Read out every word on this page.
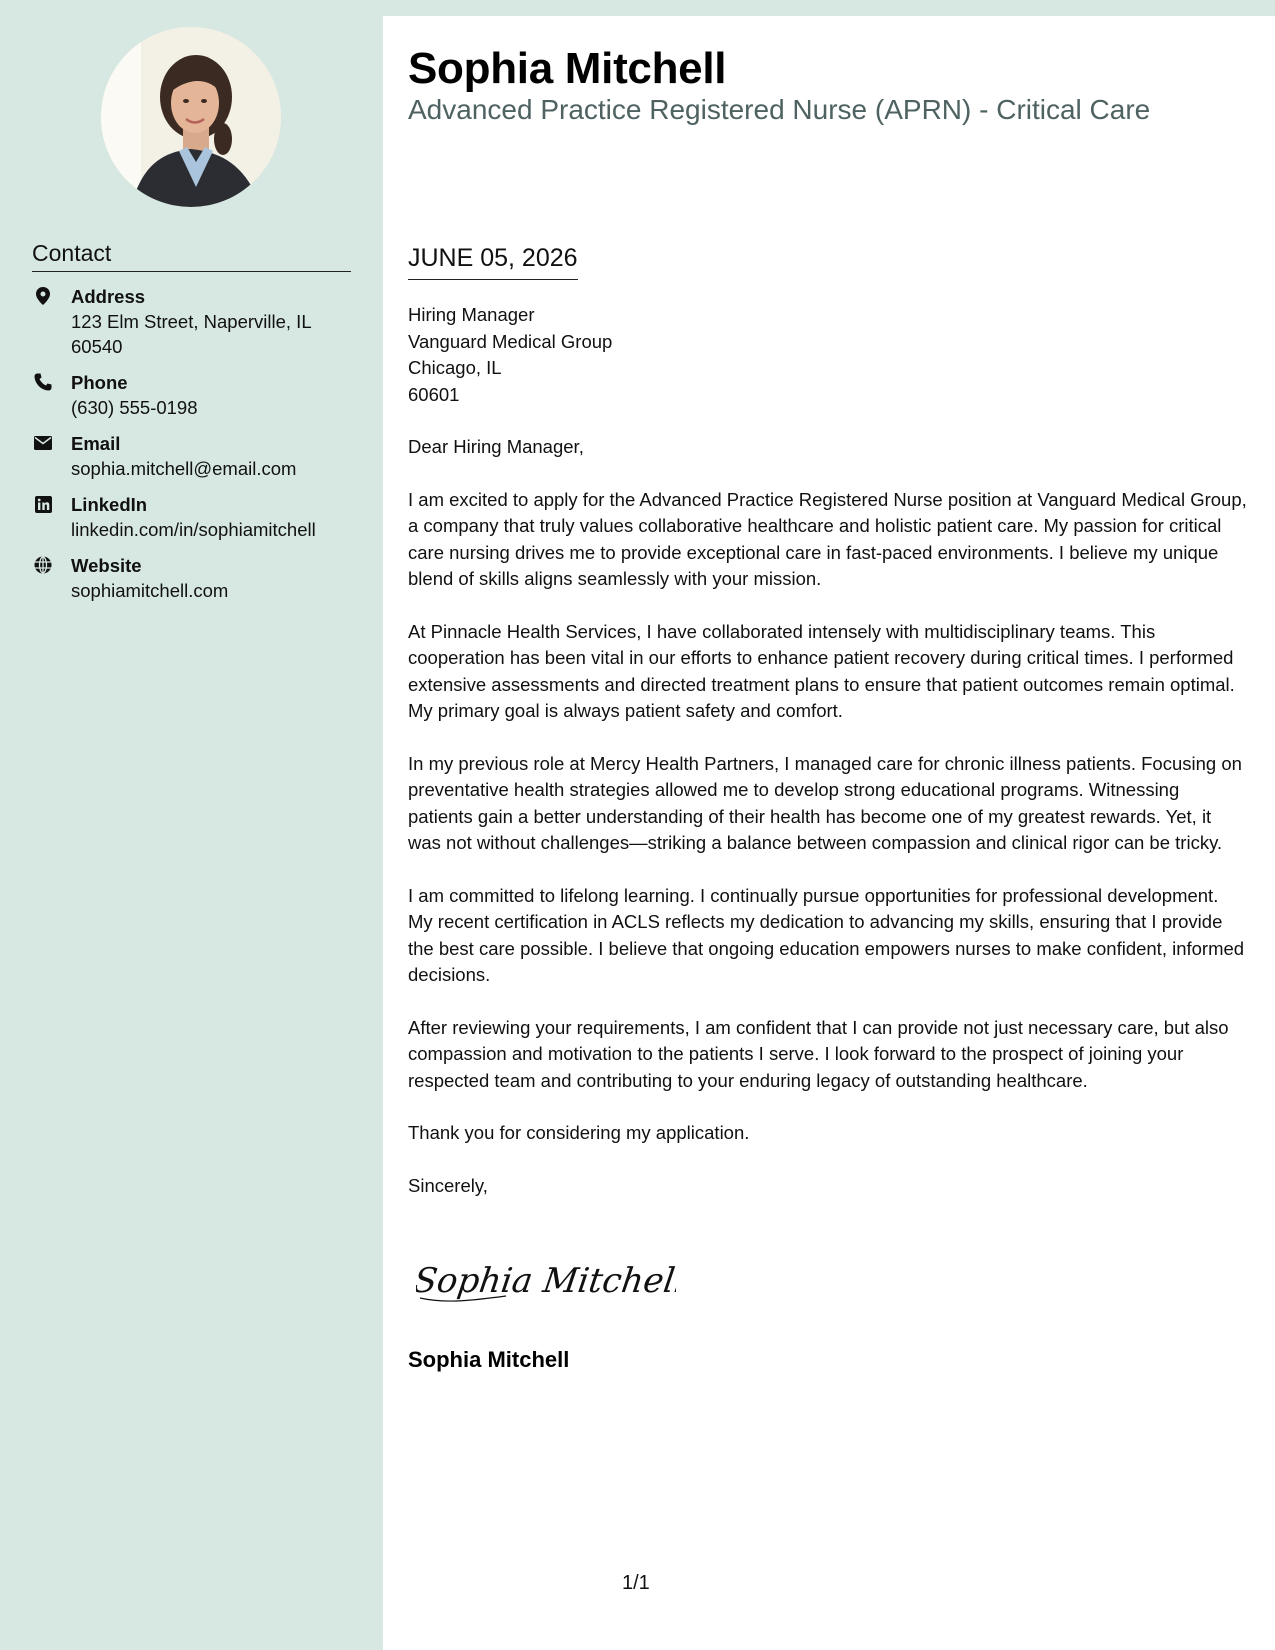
Contact
Address
123 Elm Street, Naperville, IL 60540
Phone
(630) 555-0198
Email
sophia.mitchell@email.com
LinkedIn
linkedin.com/in/sophiamitchell
Website
sophiamitchell.com
Sophia Mitchell
Advanced Practice Registered Nurse (APRN) - Critical Care
JUNE 05, 2026

Hiring Manager
Vanguard Medical Group
Chicago, IL
60601

Dear Hiring Manager,

I am excited to apply for the Advanced Practice Registered Nurse position at Vanguard Medical Group, a company that truly values collaborative healthcare and holistic patient care. My passion for critical care nursing drives me to provide exceptional care in fast-paced environments. I believe my unique blend of skills aligns seamlessly with your mission.

At Pinnacle Health Services, I have collaborated intensely with multidisciplinary teams. This cooperation has been vital in our efforts to enhance patient recovery during critical times. I performed extensive assessments and directed treatment plans to ensure that patient outcomes remain optimal. My primary goal is always patient safety and comfort.

In my previous role at Mercy Health Partners, I managed care for chronic illness patients. Focusing on preventative health strategies allowed me to develop strong educational programs. Witnessing patients gain a better understanding of their health has become one of my greatest rewards. Yet, it was not without challenges—striking a balance between compassion and clinical rigor can be tricky.

I am committed to lifelong learning. I continually pursue opportunities for professional development. My recent certification in ACLS reflects my dedication to advancing my skills, ensuring that I provide the best care possible. I believe that ongoing education empowers nurses to make confident, informed decisions.

After reviewing your requirements, I am confident that I can provide not just necessary care, but also compassion and motivation to the patients I serve. I look forward to the prospect of joining your respected team and contributing to your enduring legacy of outstanding healthcare.

Thank you for considering my application.

Sincerely,

Sophia Mitchell
Sophia Mitchell
1/1
